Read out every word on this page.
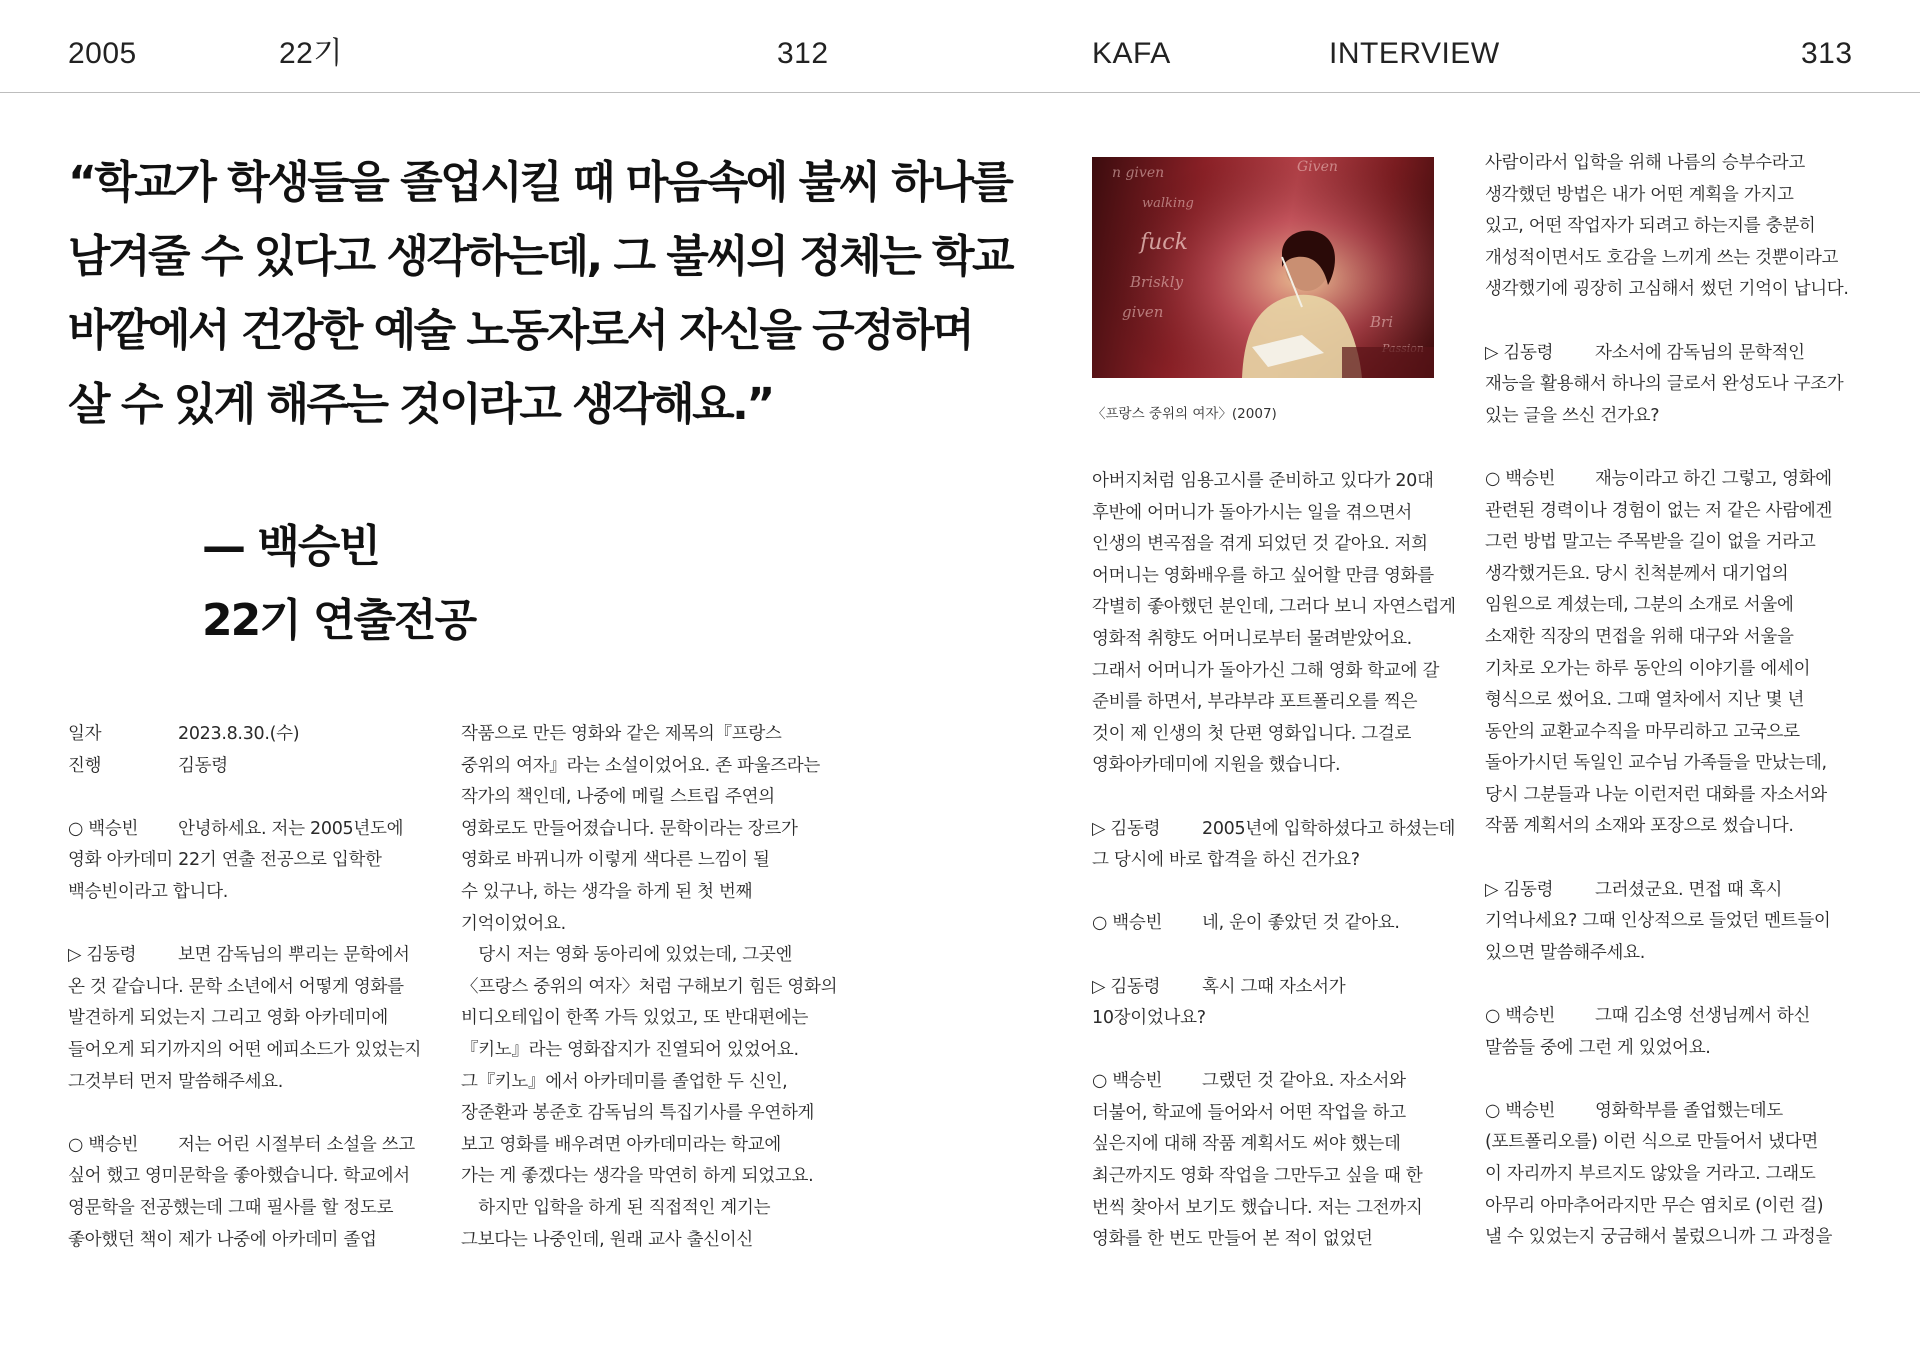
2005	22기	312	KAFA	INTERVIEW	313

“학교가 학생들을 졸업시킬 때 마음속에 불씨 하나를

남겨줄 수 있다고 생각하는데, 그 불씨의 정체는 학교

바깥에서 건강한 예술 노동자로서 자신을 긍정하며

살 수 있게 해주는 것이라고 생각해요.”

— 백승빈

22기 연출전공

일자	2023.8.30.(수)

진행	김동령

○ 백승빈 안녕하세요. 저는 2005년도에

영화 아카데미 22기 연출 전공으로 입학한

백승빈이라고 합니다.

▷ 김동령 보면 감독님의 뿌리는 문학에서

온 것 같습니다. 문학 소년에서 어떻게 영화를

발견하게 되었는지 그리고 영화 아카데미에

들어오게 되기까지의 어떤 에피소드가 있었는지

그것부터 먼저 말씀해주세요.

○ 백승빈 저는 어린 시절부터 소설을 쓰고

싶어 했고 영미문학을 좋아했습니다. 학교에서

영문학을 전공했는데 그때 필사를 할 정도로

좋아했던 책이 제가 나중에 아카데미 졸업

작품으로 만든 영화와 같은 제목의『프랑스

중위의 여자』라는 소설이었어요. 존 파울즈라는

작가의 책인데, 나중에 메릴 스트립 주연의

영화로도 만들어졌습니다. 문학이라는 장르가

영화로 바뀌니까 이렇게 색다른 느낌이 될

수 있구나, 하는 생각을 하게 된 첫 번째

기억이었어요.

　당시 저는 영화 동아리에 있었는데, 그곳엔

〈프랑스 중위의 여자〉처럼 구해보기 힘든 영화의

비디오테입이 한쪽 가득 있었고, 또 반대편에는

『키노』라는 영화잡지가 진열되어 있었어요.

그『키노』에서 아카데미를 졸업한 두 신인,

장준환과 봉준호 감독님의 특집기사를 우연하게

보고 영화를 배우려면 아카데미라는 학교에

가는 게 좋겠다는 생각을 막연히 하게 되었고요.

　하지만 입학을 하게 된 직접적인 계기는

그보다는 나중인데, 원래 교사 출신이신

n given	Given
walking
fuck
Briskly
given
Bri
〈프랑스 중위의 여자〉(2007)

아버지처럼 임용고시를 준비하고 있다가 20대

후반에 어머니가 돌아가시는 일을 겪으면서

인생의 변곡점을 겪게 되었던 것 같아요. 저희

어머니는 영화배우를 하고 싶어할 만큼 영화를

각별히 좋아했던 분인데, 그러다 보니 자연스럽게

영화적 취향도 어머니로부터 물려받았어요.

그래서 어머니가 돌아가신 그해 영화 학교에 갈

준비를 하면서, 부랴부랴 포트폴리오를 찍은

것이 제 인생의 첫 단편 영화입니다. 그걸로

영화아카데미에 지원을 했습니다.

▷ 김동령 2005년에 입학하셨다고 하셨는데

그 당시에 바로 합격을 하신 건가요?

○ 백승빈 네, 운이 좋았던 것 같아요.

▷ 김동령 혹시 그때 자소서가

10장이었나요?

○ 백승빈 그랬던 것 같아요. 자소서와

더불어, 학교에 들어와서 어떤 작업을 하고

싶은지에 대해 작품 계획서도 써야 했는데

최근까지도 영화 작업을 그만두고 싶을 때 한

번씩 찾아서 보기도 했습니다. 저는 그전까지

영화를 한 번도 만들어 본 적이 없었던

사람이라서 입학을 위해 나름의 승부수라고

생각했던 방법은 내가 어떤 계획을 가지고

있고, 어떤 작업자가 되려고 하는지를 충분히

개성적이면서도 호감을 느끼게 쓰는 것뿐이라고

생각했기에 굉장히 고심해서 썼던 기억이 납니다.

▷ 김동령 자소서에 감독님의 문학적인

재능을 활용해서 하나의 글로서 완성도나 구조가

있는 글을 쓰신 건가요?

○ 백승빈 재능이라고 하긴 그렇고, 영화에

관련된 경력이나 경험이 없는 저 같은 사람에겐

그런 방법 말고는 주목받을 길이 없을 거라고

생각했거든요. 당시 친척분께서 대기업의

임원으로 계셨는데, 그분의 소개로 서울에

소재한 직장의 면접을 위해 대구와 서울을

기차로 오가는 하루 동안의 이야기를 에세이

형식으로 썼어요. 그때 열차에서 지난 몇 년

동안의 교환교수직을 마무리하고 고국으로

돌아가시던 독일인 교수님 가족들을 만났는데,

당시 그분들과 나눈 이런저런 대화를 자소서와

작품 계획서의 소재와 포장으로 썼습니다.

▷ 김동령 그러셨군요. 면접 때 혹시

기억나세요? 그때 인상적으로 들었던 멘트들이

있으면 말씀해주세요.

○ 백승빈 그때 김소영 선생님께서 하신

말씀들 중에 그런 게 있었어요.

○ 백승빈 영화학부를 졸업했는데도

(포트폴리오를) 이런 식으로 만들어서 냈다면

이 자리까지 부르지도 않았을 거라고. 그래도

아무리 아마추어라지만 무슨 염치로 (이런 걸)

낼 수 있었는지 궁금해서 불렀으니까 그 과정을
